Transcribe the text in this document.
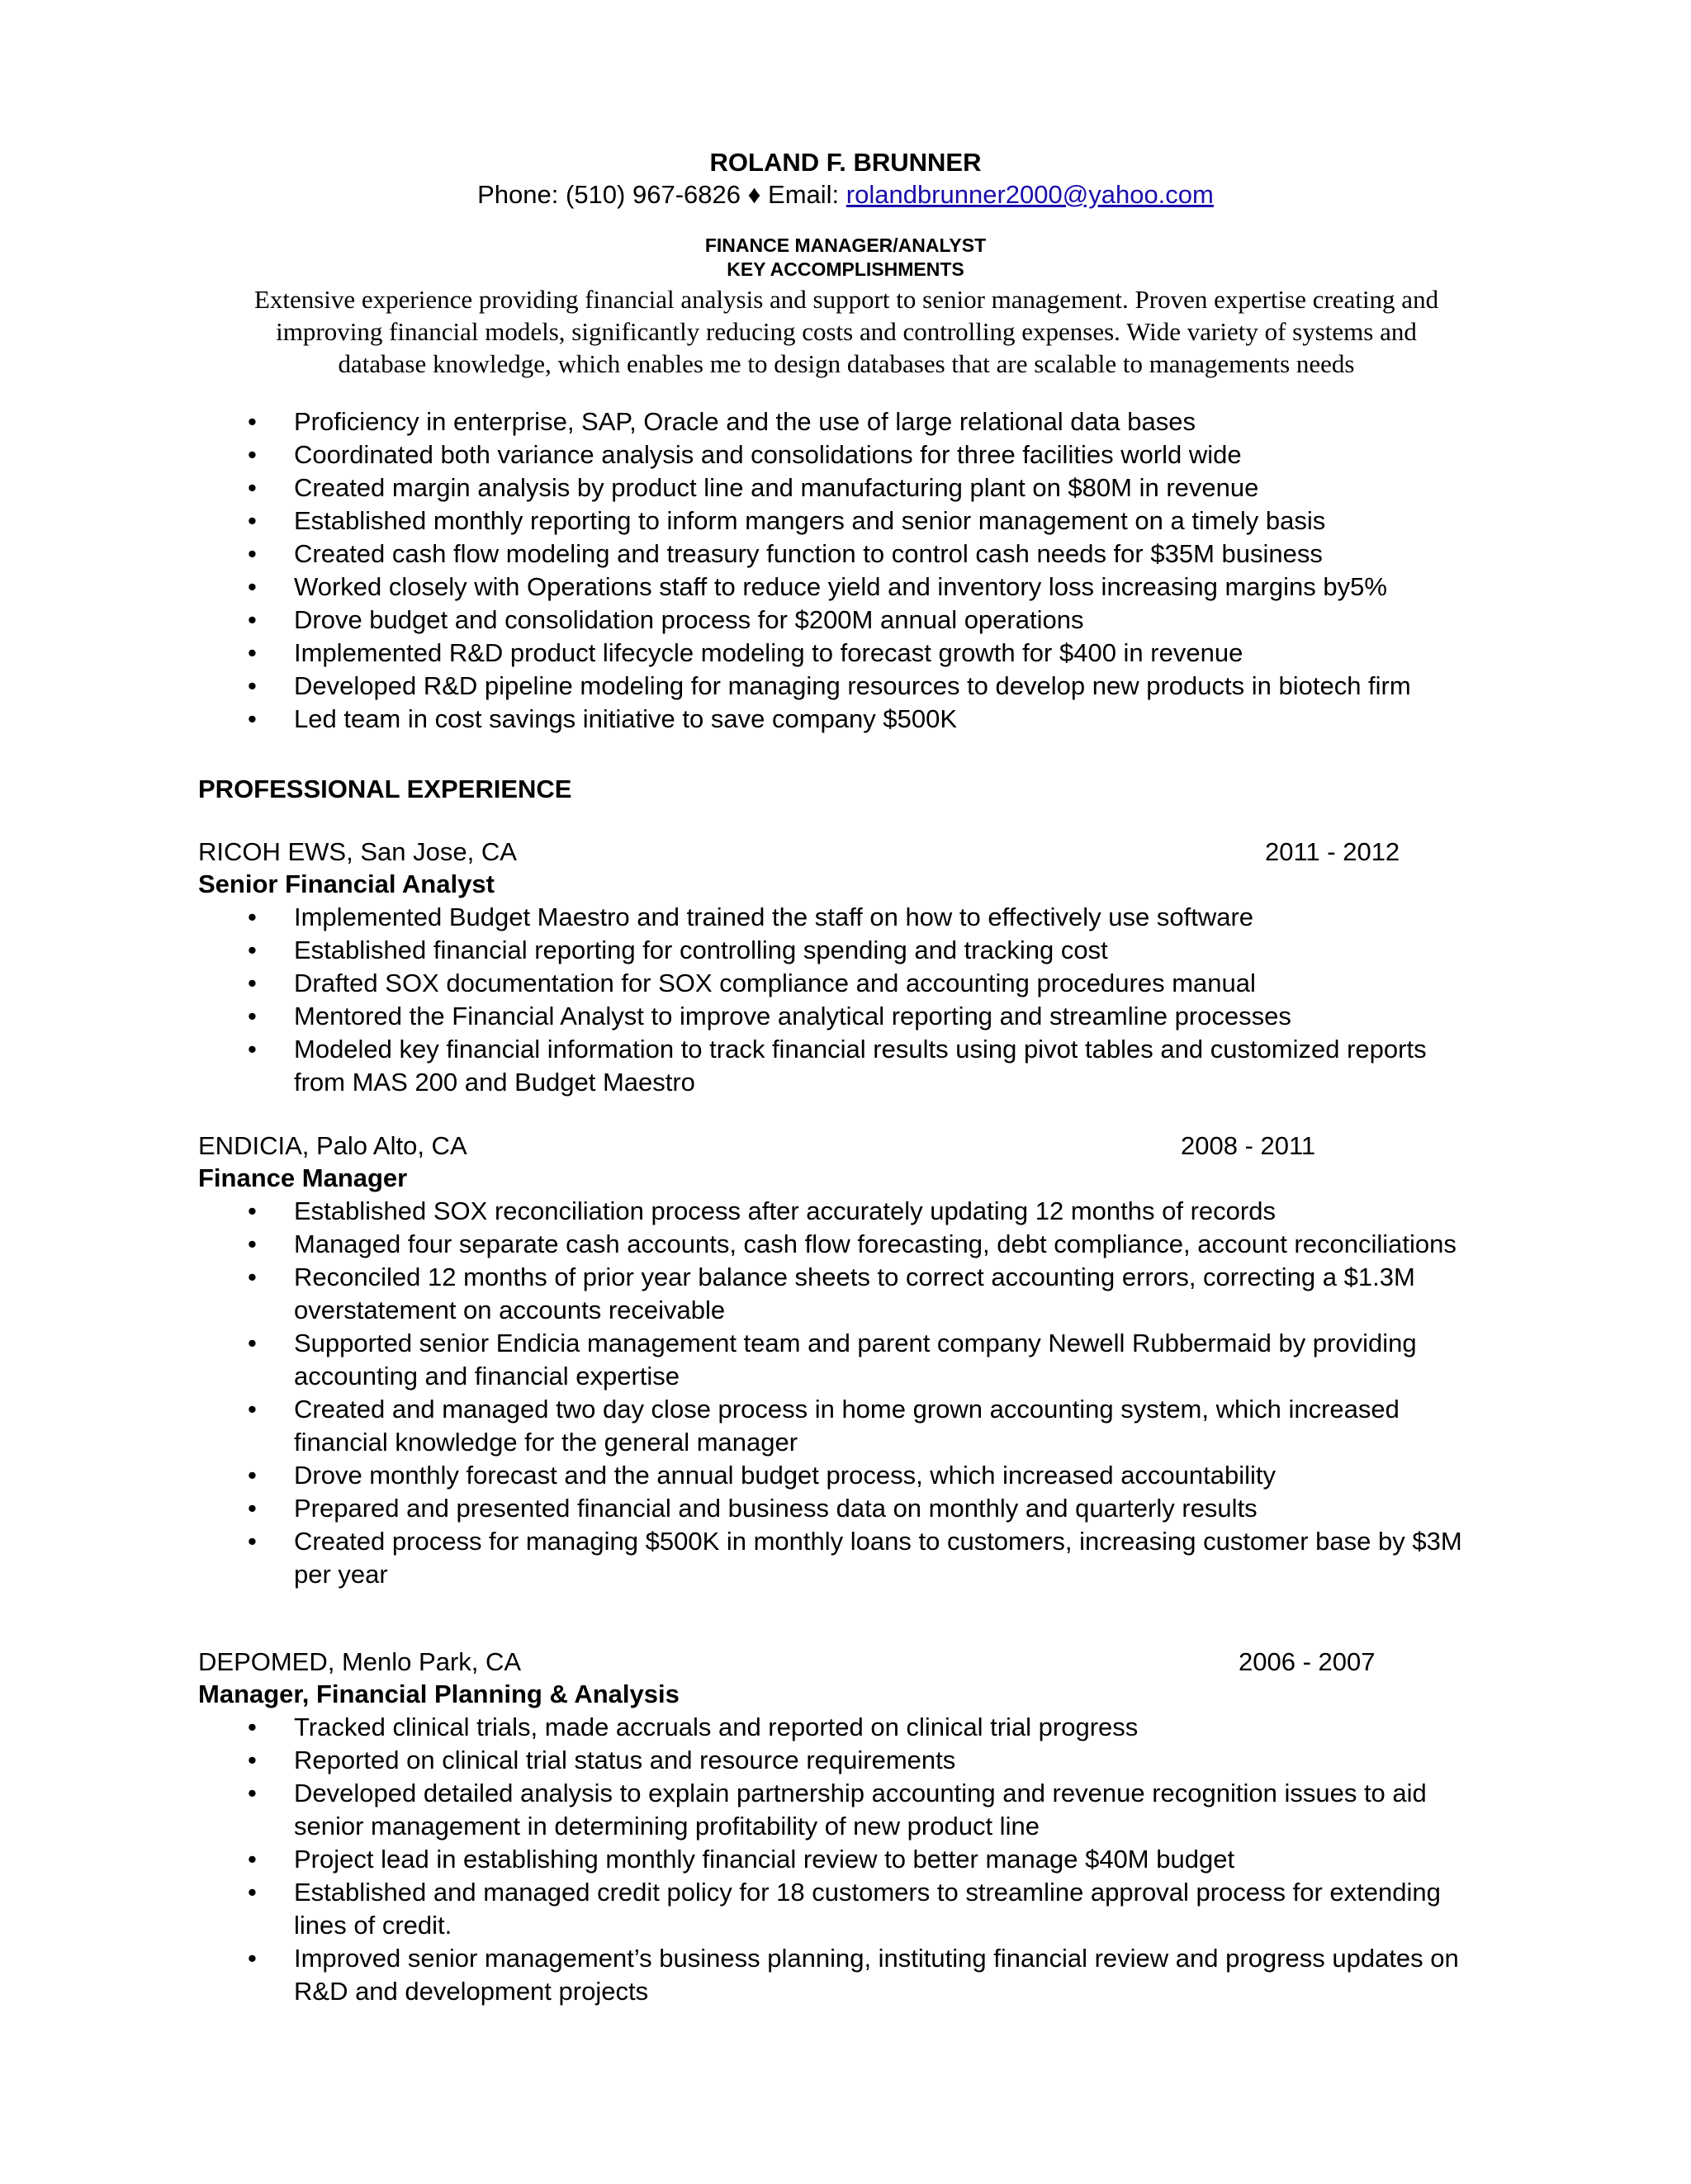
ROLAND F. BRUNNER
Phone: (510) 967-6826 ♦ Email: rolandbrunner2000@yahoo.com
FINANCE MANAGER/ANALYST
KEY ACCOMPLISHMENTS
Extensive experience providing financial analysis and support to senior management. Proven expertise creating and
improving financial models, significantly reducing costs and controlling expenses. Wide variety of systems and
database knowledge, which enables me to design databases that are scalable to managements needs
• Proficiency in enterprise, SAP, Oracle and the use of large relational data bases
• Coordinated both variance analysis and consolidations for three facilities world wide
• Created margin analysis by product line and manufacturing plant on $80M in revenue
• Established monthly reporting to inform mangers and senior management on a timely basis
• Created cash flow modeling and treasury function to control cash needs for $35M business
• Worked closely with Operations staff to reduce yield and inventory loss increasing margins by5%
• Drove budget and consolidation process for $200M annual operations
• Implemented R&D product lifecycle modeling to forecast growth for $400 in revenue
• Developed R&D pipeline modeling for managing resources to develop new products in biotech firm
• Led team in cost savings initiative to save company $500K
PROFESSIONAL EXPERIENCE
RICOH EWS, San Jose, CA	2011 - 2012
Senior Financial Analyst
• Implemented Budget Maestro and trained the staff on how to effectively use software
• Established financial reporting for controlling spending and tracking cost
• Drafted SOX documentation for SOX compliance and accounting procedures manual
• Mentored the Financial Analyst to improve analytical reporting and streamline processes
• Modeled key financial information to track financial results using pivot tables and customized reports from MAS 200 and Budget Maestro
ENDICIA, Palo Alto, CA	2008 - 2011
Finance Manager
• Established SOX reconciliation process after accurately updating 12 months of records
• Managed four separate cash accounts, cash flow forecasting, debt compliance, account reconciliations
• Reconciled 12 months of prior year balance sheets to correct accounting errors, correcting a $1.3M overstatement on accounts receivable
• Supported senior Endicia management team and parent company Newell Rubbermaid by providing accounting and financial expertise
• Created and managed two day close process in home grown accounting system, which increased financial knowledge for the general manager
• Drove monthly forecast and the annual budget process, which increased accountability
• Prepared and presented financial and business data on monthly and quarterly results
• Created process for managing $500K in monthly loans to customers, increasing customer base by $3M per year
DEPOMED, Menlo Park, CA	2006 - 2007
Manager, Financial Planning & Analysis
• Tracked clinical trials, made accruals and reported on clinical trial progress
• Reported on clinical trial status and resource requirements
• Developed detailed analysis to explain partnership accounting and revenue recognition issues to aid senior management in determining profitability of new product line
• Project lead in establishing monthly financial review to better manage $40M budget
• Established and managed credit policy for 18 customers to streamline approval process for extending lines of credit.
• Improved senior management’s business planning, instituting financial review and progress updates on R&D and development projects
